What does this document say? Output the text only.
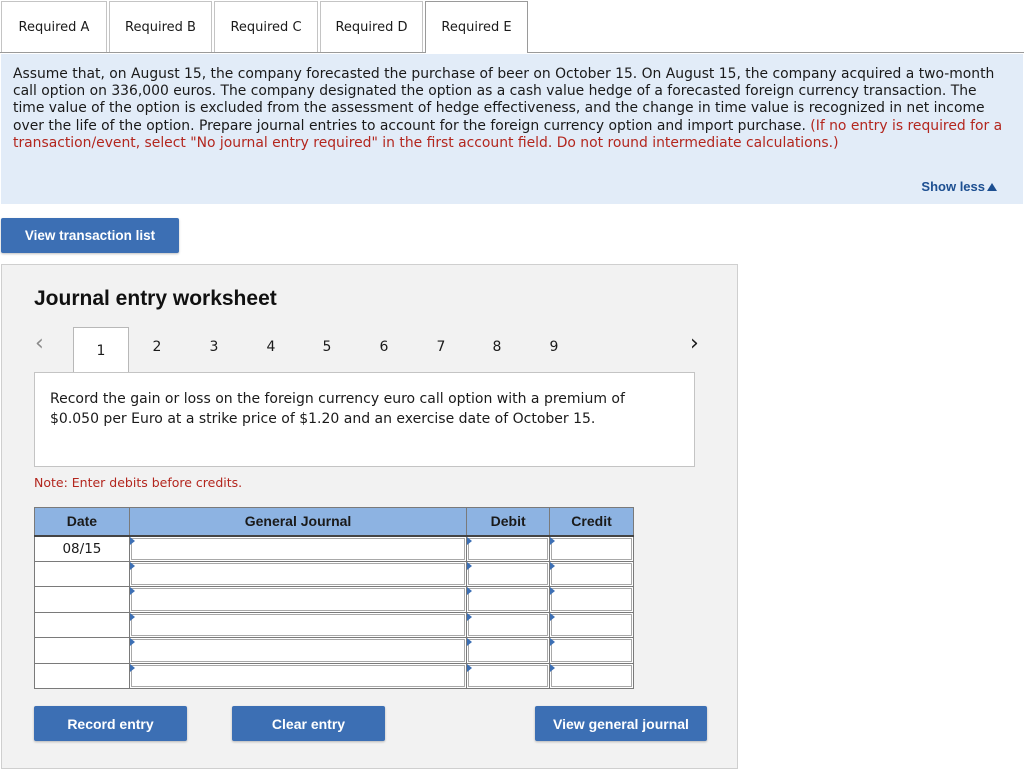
Required A	Required B	Required C	Required D	Required E
Assume that, on August 15, the company forecasted the purchase of beer on October 15. On August 15, the company acquired a two-month call option on 336,000 euros. The company designated the option as a cash value hedge of a forecasted foreign currency transaction. The time value of the option is excluded from the assessment of hedge effectiveness, and the change in time value is recognized in net income over the life of the option. Prepare journal entries to account for the foreign currency option and import purchase. (If no entry is required for a transaction/event, select "No journal entry required" in the first account field. Do not round intermediate calculations.)
Show less
View transaction list
Journal entry worksheet
‹	1	2	3	4	5	6	7	8	9	›
Record the gain or loss on the foreign currency euro call option with a premium of $0.050 per Euro at a strike price of $1.20 and an exercise date of October 15.
Note: Enter debits before credits.
Date	General Journal	Debit	Credit
08/15	

Record entry	Clear entry	View general journal
